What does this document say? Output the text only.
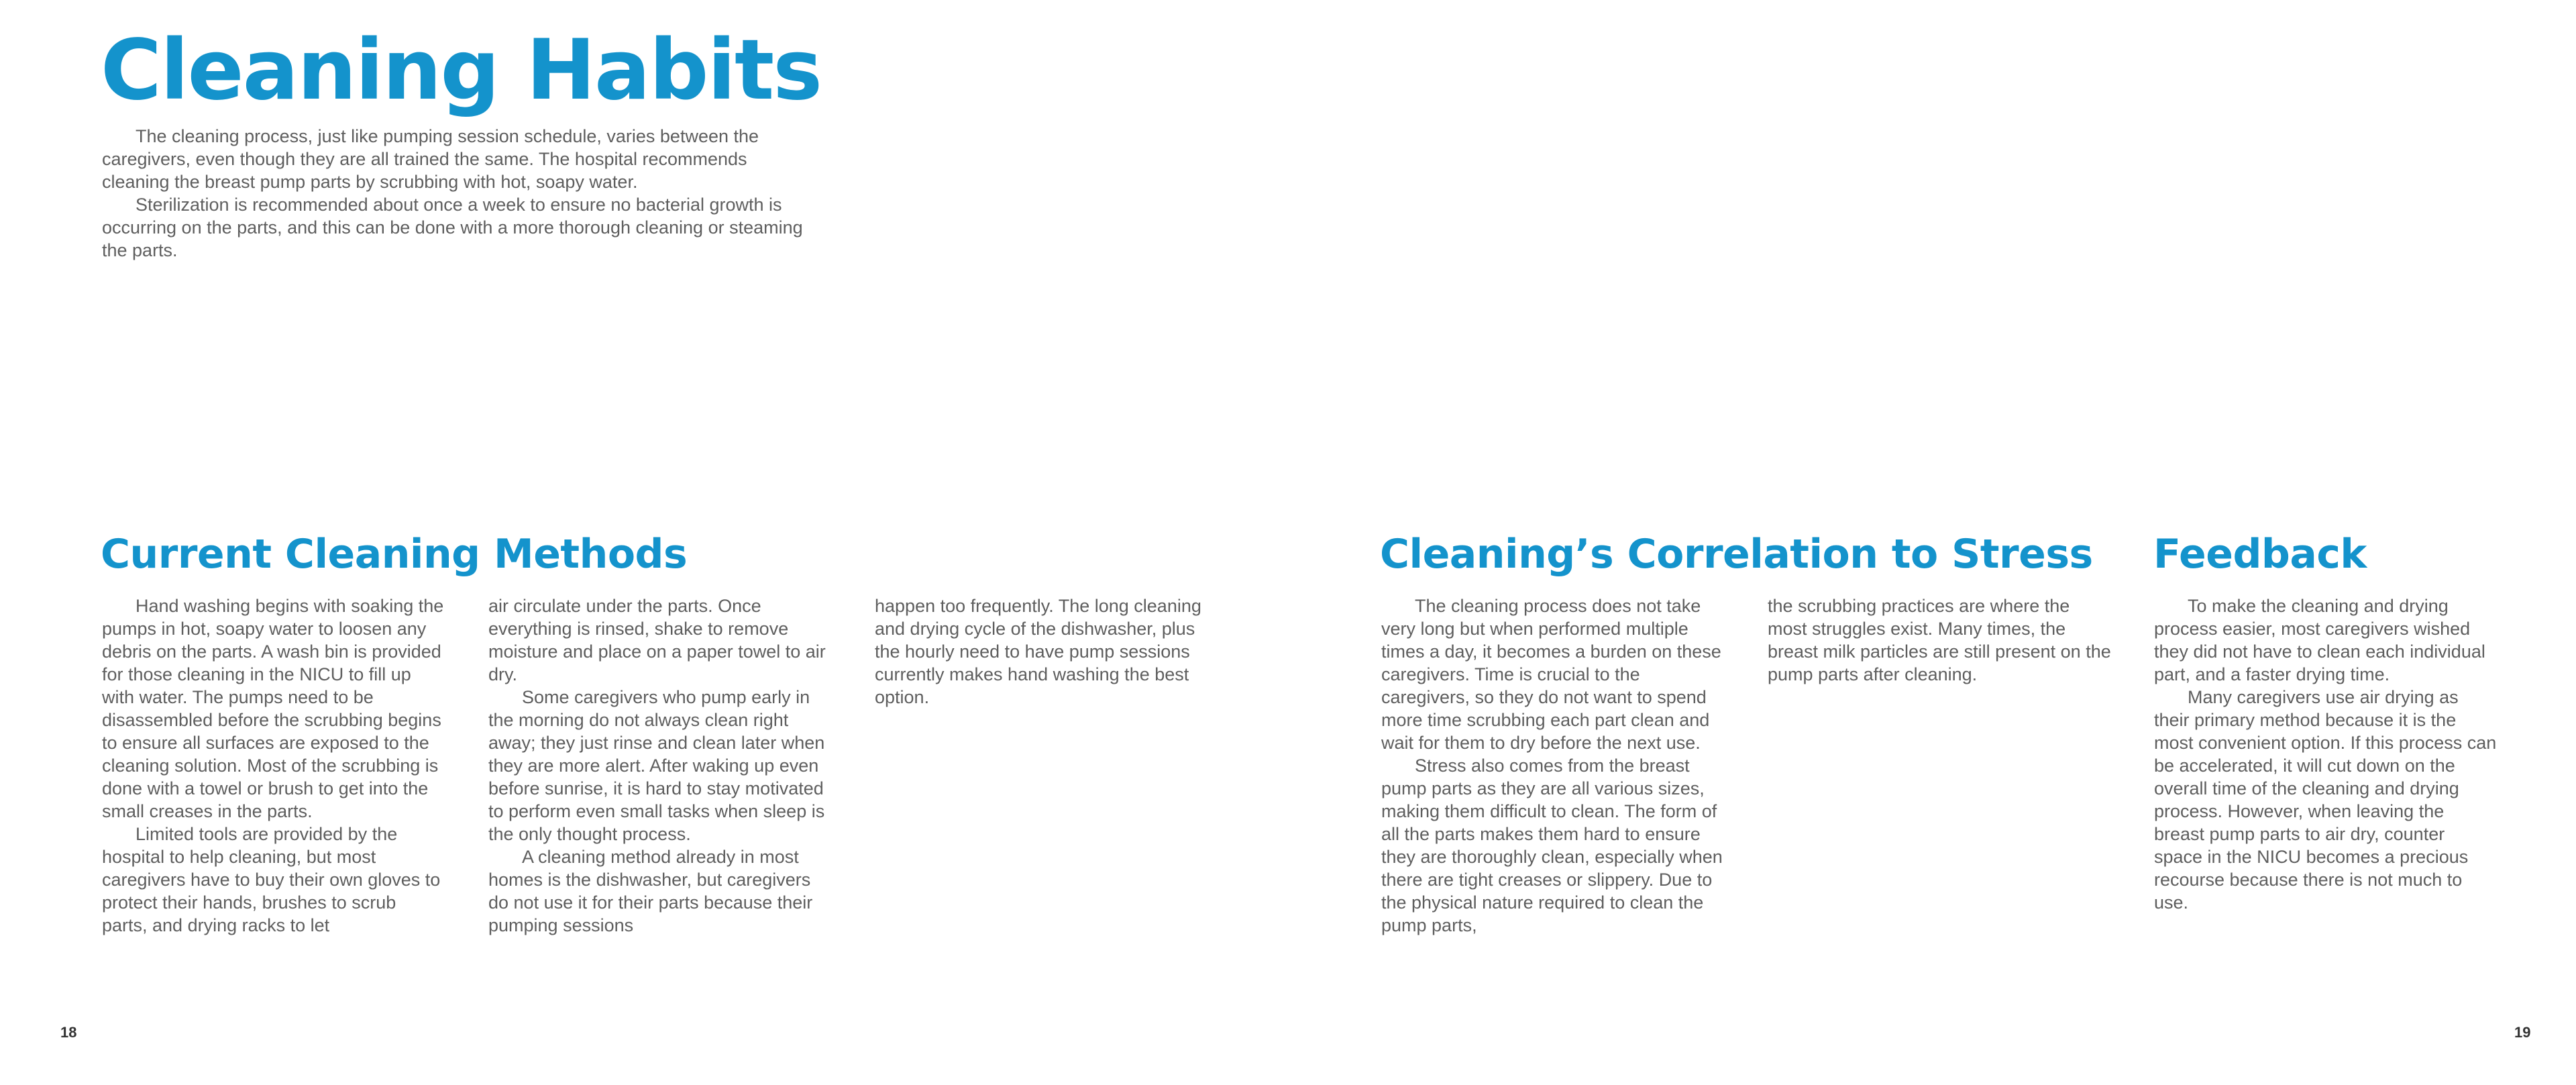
Cleaning Habits

The cleaning process, just like pumping session schedule, varies between the caregivers, even though they are all trained the same. The hospital recommends cleaning the breast pump parts by scrubbing with hot, soapy water.

Sterilization is recommended about once a week to ensure no bacterial growth is occurring on the parts, and this can be done with a more thorough cleaning or steaming the parts.

Current Cleaning Methods

Hand washing begins with soaking the pumps in hot, soapy water to loosen any debris on the parts. A wash bin is provided for those cleaning in the NICU to fill up with water. The pumps need to be disassembled before the scrubbing begins to ensure all surfaces are exposed to the cleaning solution. Most of the scrubbing is done with a towel or brush to get into the small creases in the parts.

Limited tools are provided by the hospital to help cleaning, but most caregivers have to buy their own gloves to protect their hands, brushes to scrub parts, and drying racks to let

air circulate under the parts. Once everything is rinsed, shake to remove moisture and place on a paper towel to air dry.

Some caregivers who pump early in the morning do not always clean right away; they just rinse and clean later when they are more alert. After waking up even before sunrise, it is hard to stay motivated to perform even small tasks when sleep is the only thought process.

A cleaning method already in most homes is the dishwasher, but caregivers do not use it for their parts because their pumping sessions

happen too frequently. The long cleaning and drying cycle of the dishwasher, plus the hourly need to have pump sessions currently makes hand washing the best option.

Cleaning’s Correlation to Stress

The cleaning process does not take very long but when performed multiple times a day, it becomes a burden on these caregivers. Time is crucial to the caregivers, so they do not want to spend more time scrubbing each part clean and wait for them to dry before the next use.

Stress also comes from the breast pump parts as they are all various sizes, making them difficult to clean. The form of all the parts makes them hard to ensure they are thoroughly clean, especially when there are tight creases or slippery. Due to the physical nature required to clean the pump parts,

the scrubbing practices are where the most struggles exist. Many times, the breast milk particles are still present on the pump parts after cleaning.

Feedback

To make the cleaning and drying process easier, most caregivers wished they did not have to clean each individual part, and a faster drying time.

Many caregivers use air drying as their primary method because it is the most convenient option. If this process can be accelerated, it will cut down on the overall time of the cleaning and drying process. However, when leaving the breast pump parts to air dry, counter space in the NICU becomes a precious recourse because there is not much to use.

18	19
